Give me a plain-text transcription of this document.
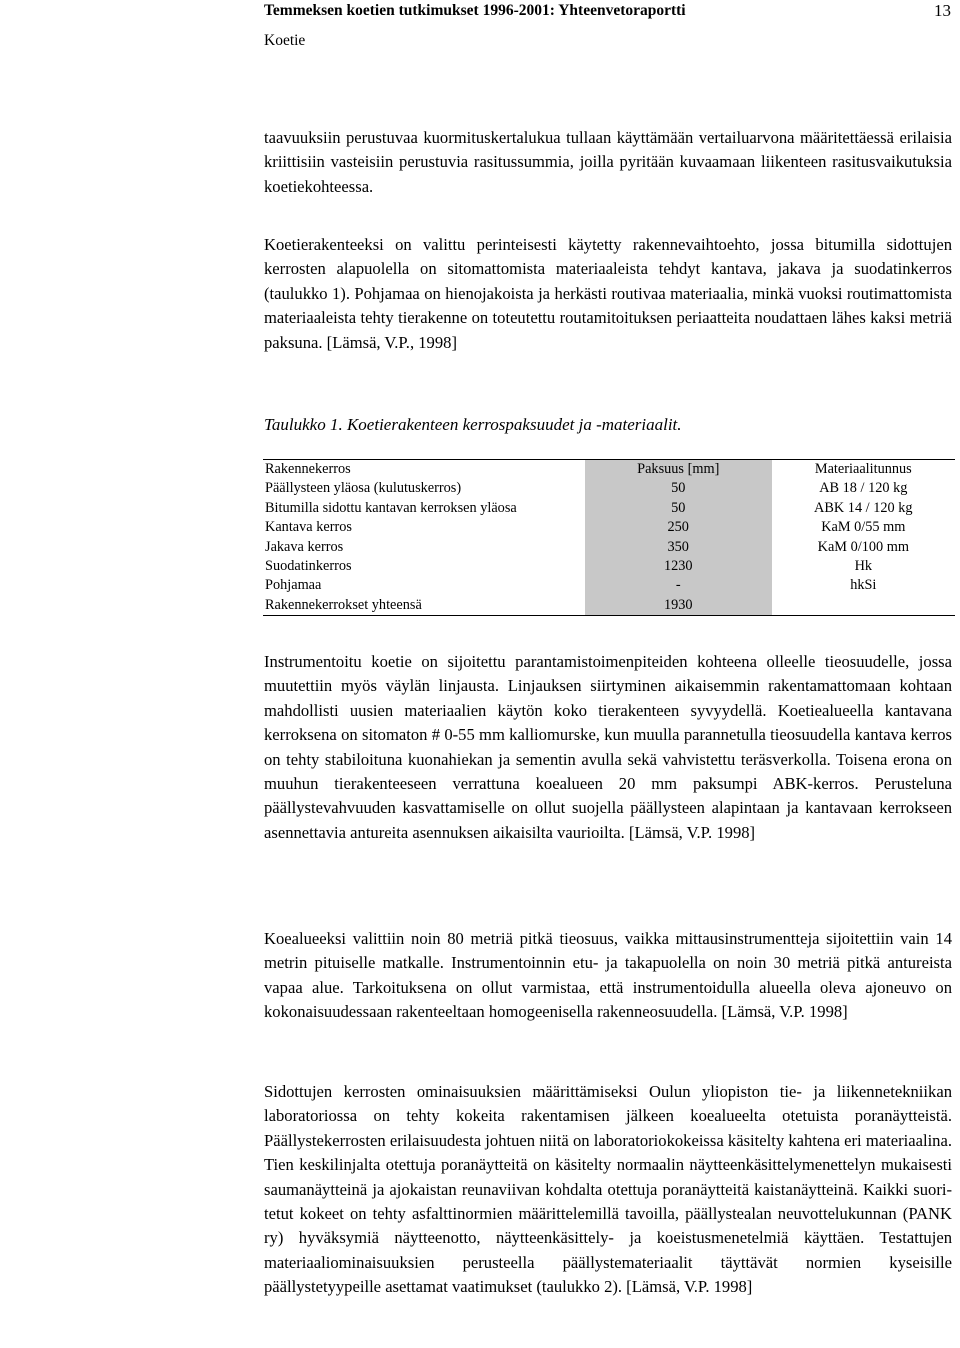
Temmeksen koetien tutkimukset 1996-2001: Yhteenvetoraportti	13
Koetie

taavuuksiin perustuvaa kuormituskertalukua tullaan käyttämään vertailuarvona määritettäessä erilaisia kriittisiin vasteisiin perustuvia rasitussummia, joilla pyritään kuvaamaan liikenteen rasitusvaikutuksia koetiekohteessa.

Koetierakenteeksi on valittu perinteisesti käytetty rakennevaihtoehto, jossa bitumilla sidottujen kerrosten alapuolella on sitomattomista materiaaleista tehdyt kantava, jakava ja suodatinkerros (taulukko 1). Pohjamaa on hienojakoista ja herkästi routivaa materiaalia, minkä vuoksi routimattomista materiaaleista tehty tierakenne on toteutettu routamitoituksen periaatteita noudattaen lähes kaksi metriä paksuna. [Lämsä, V.P., 1998]

Taulukko 1. Koetierakenteen kerrospaksuudet ja -materiaalit.
Rakennekerros	Paksuus [mm]	Materiaalitunnus
Päällysteen yläosa (kulutuskerros)	50	AB 18 / 120 kg
Bitumilla sidottu kantavan kerroksen yläosa	50	ABK 14 / 120 kg
Kantava kerros	250	KaM 0/55 mm
Jakava kerros	350	KaM 0/100 mm
Suodatinkerros	1230	Hk
Pohjamaa	-	hkSi
Rakennekerrokset yhteensä	1930	

Instrumentoitu koetie on sijoitettu parantamistoimenpiteiden kohteena olleelle tieosuudelle, jossa muutettiin myös väylän linjausta. Linjauksen siirtyminen aikaisemmin rakentamattomaan kohtaan mahdollisti uusien materiaalien käytön koko tierakenteen syvyydellä. Koetiealueella kantavana kerroksena on sitomaton # 0-55 mm kalliomurske, kun muulla parannetulla tieosuudella kantava kerros on tehty stabiloituna kuonahiekan ja sementin avulla sekä vahvistettu teräsverkolla. Toisena erona on muuhun tierakenteeseen verrattuna koealueen 20 mm paksumpi ABK-kerros. Perusteluna päällystevahvuuden kasvattamiselle on ollut suojella päällysteen alapintaan ja kantavaan kerrokseen asennettavia antureita asennuksen aikaisilta vaurioilta. [Lämsä, V.P. 1998]

Koealueeksi valittiin noin 80 metriä pitkä tieosuus, vaikka mittausinstrumentteja sijoitettiin vain 14 metrin pituiselle matkalle. Instrumentoinnin etu- ja takapuolella on noin 30 metriä pitkä antureista vapaa alue. Tarkoituksena on ollut varmistaa, että instrumentoidulla alueella oleva ajoneuvo on kokonaisuudessaan rakenteeltaan homogeenisella rakenneosuudella. [Lämsä, V.P. 1998]

Sidottujen kerrosten ominaisuuksien määrittämiseksi Oulun yliopiston tie- ja liikennetekniikan laboratoriossa on tehty kokeita rakentamisen jälkeen koealueelta otetuista poranäytteistä. Päällystekerrosten erilaisuudesta johtuen niitä on laboratoriokokeissa käsitelty kahtena eri materiaalina. Tien keskilinjalta otettuja poranäytteitä on käsitelty normaalin näytteenkäsittelymenettelyn mukaisesti saumanäytteinä ja ajokaistan reunaviivan kohdalta otettuja poranäytteitä kaistanäytteinä. Kaikki suoritetut kokeet on tehty asfalttinormien määrittelemillä tavoilla, päällystealan neuvottelukunnan (PANK ry) hyväksymiä näytteenotto, näytteenkäsittely- ja koeistusmenetelmiä käyttäen. Testattujen materiaaliominaisuuksien perusteella päällystemateriaalit täyttävät normien kyseisille päällystetyypeille asettamat vaatimukset (taulukko 2). [Lämsä, V.P. 1998]
